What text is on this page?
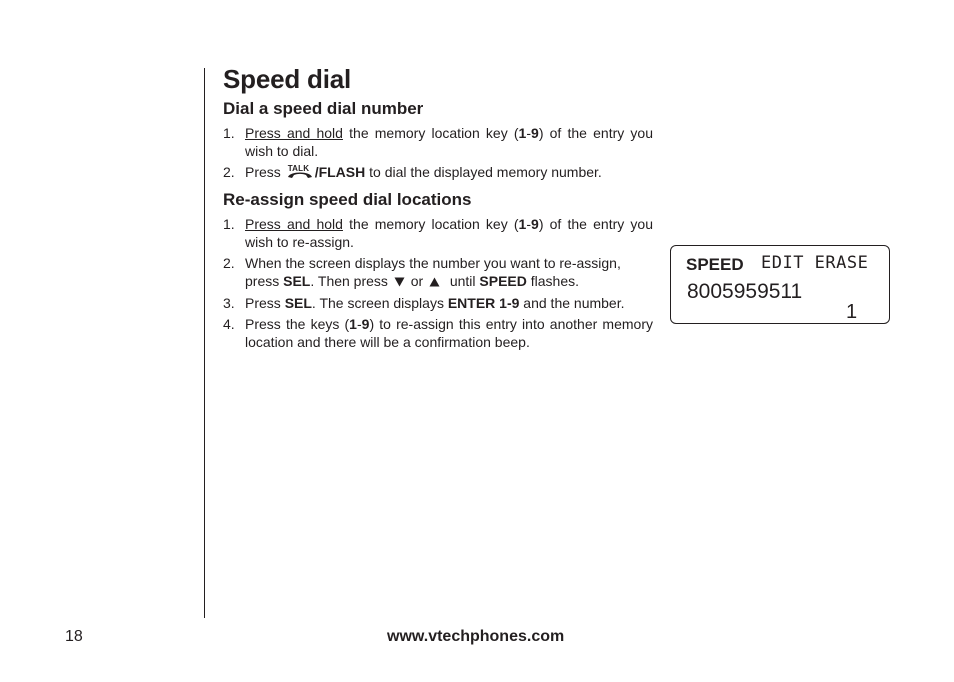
Speed dial
Dial a speed dial number
1. Press and hold the memory location key (1-9) of the entry you wish to dial.
2. Press TALK /FLASH to dial the displayed memory number.
Re-assign speed dial locations
1. Press and hold the memory location key (1-9) of the entry you wish to re-assign.
2. When the screen displays the number you want to re-assign, press SEL. Then press  or   until SPEED flashes.
3. Press SEL. The screen displays ENTER 1-9 and the number.
4. Press the keys (1-9) to re-assign this entry into another memory location and there will be a confirmation beep.
SPEED EDIT ERASE
8005959511
1
18	www.vtechphones.com
